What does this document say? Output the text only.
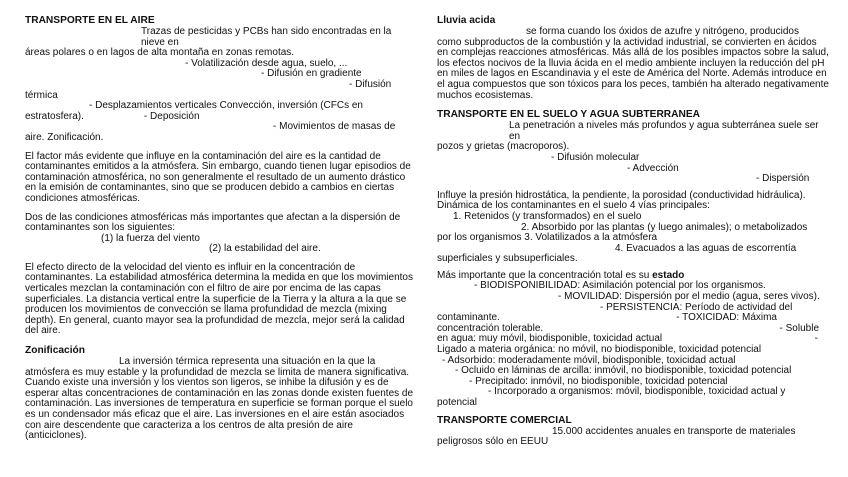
TRANSPORTE EN EL AIRE

Trazas de pesticidas y PCBs han sido encontradas en la nieve en
áreas polares o en lagos de alta montaña en zonas remotas.
- Volatilización desde agua, suelo, ...
- Difusión en gradiente
- Difusión
térmica
- Desplazamientos verticales Convección, inversión (CFCs en
estratosfera).	- Deposición
- Movimientos de masas de
aire. Zonificación.

El factor más evidente que influye en la contaminación del aire es la cantidad de contaminantes emitidos a la atmósfera. Sin embargo, cuando tienen lugar episodios de contaminación atmosférica, no son generalmente el resultado de un aumento drástico en la emisión de contaminantes, sino que se producen debido a cambios en ciertas condiciones atmosféricas.

Dos de las condiciones atmosféricas más importantes que afectan a la dispersión de contaminantes son los siguientes:

(1) la fuerza del viento
(2) la estabilidad del aire.

El efecto directo de la velocidad del viento es influir en la concentración de contaminantes. La estabilidad atmosférica determina la medida en que los movimientos verticales mezclan la contaminación con el filtro de aire por encima de las capas superficiales. La distancia vertical entre la superficie de la Tierra y la altura a la que se producen los movimientos de convección se llama profundidad de mezcla (mixing depth). En general, cuanto mayor sea la profundidad de mezcla, mejor será la calidad del aire.

Zonificación

La inversión térmica representa una situación en la que la
atmósfera es muy estable y la profundidad de mezcla se limita de manera significativa. Cuando existe una inversión y los vientos son ligeros, se inhibe la difusión y es de esperar altas concentraciones de contaminación en las zonas donde existen fuentes de contaminación. Las inversiones de temperatura en superficie se forman porque el suelo es un condensador más eficaz que el aire. Las inversiones en el aire están asociados con aire descendente que caracteriza a los centros de alta presión de aire (anticiclones).

Lluvia acida

se forma cuando los óxidos de azufre y nitrógeno, producidos
como subproductos de la combustión y la actividad industrial, se convierten en ácidos en complejas reacciones atmosféricas. Más allá de los posibles impactos sobre la salud, los efectos nocivos de la lluvia ácida en el medio ambiente incluyen la reducción del pH en miles de lagos en Escandinavia y el este de América del Norte. Además introduce en el agua compuestos que son tóxicos para los peces, también ha alterado negativamente muchos ecosistemas.

TRANSPORTE EN EL SUELO Y AGUA SUBTERRANEA

La penetración a niveles más profundos y agua subterránea suele ser en
pozos y grietas (macroporos).
- Difusión molecular
- Advección
- Dispersión

Influye la presión hidrostática, la pendiente, la porosidad (conductividad hidráulica).

Dinámica de los contaminantes en el suelo 4 vías principales:

1. Retenidos (y transformados) en el suelo
2. Absorbido por las plantas (y luego animales); o metabolizados
por los organismos 3. Volatilizados a la atmósfera
4. Evacuados a las aguas de escorrentía
superficiales y subsuperficiales.

Más importante que la concentración total es su estado

- BIODISPONIBILIDAD: Asimilación potencial por los organismos.
- MOVILIDAD: Dispersión por el medio (agua, seres vivos).
- PERSISTENCIA: Período de actividad del
contaminante.	- TOXICIDAD: Máxima
concentración tolerable.	- Soluble
en agua: muy móvil, biodisponible, toxicidad actual	-
Ligado a materia orgánica: no móvil, no biodisponible, toxicidad potencial
- Adsorbido: moderadamente móvil, biodisponible, toxicidad actual
- Ocluido en láminas de arcilla: inmóvil, no biodisponible, toxicidad potencial
- Precipitado: inmóvil, no biodisponible, toxicidad potencial
- Incorporado a organismos: móvil, biodisponible, toxicidad actual y
potencial
TRANSPORTE COMERCIAL

15.000 accidentes anuales en transporte de materiales
peligrosos sólo en EEUU
